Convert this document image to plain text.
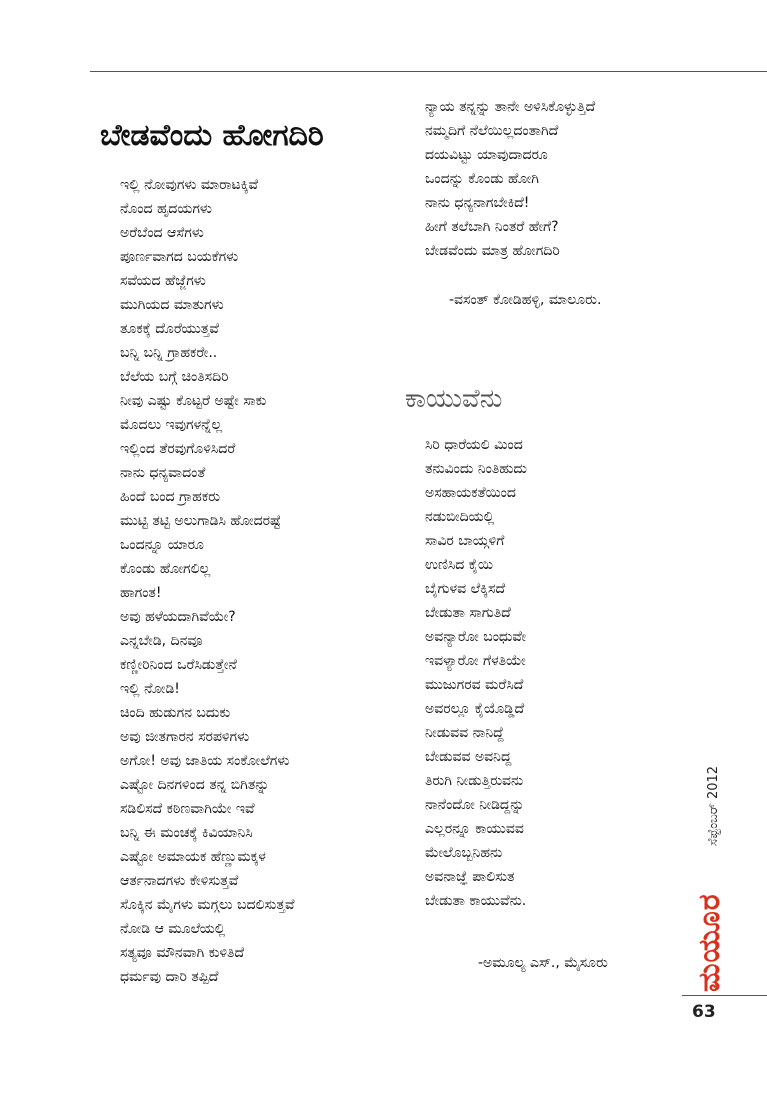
ಬೇಡವೆಂದು ಹೋಗದಿರಿ
ಇಲ್ಲಿ ನೋವುಗಳು ಮಾರಾಟಕ್ಕಿವೆ
ನೊಂದ ಹೃದಯಗಳು
ಅರೆಬೆಂದ ಆಸೆಗಳು
ಪೂರ್ಣವಾಗದ ಬಯಕೆಗಳು
ಸವೆಯದ ಹೆಜ್ಜೆಗಳು
ಮುಗಿಯದ ಮಾತುಗಳು
ತೂಕಕ್ಕೆ ದೊರೆಯುತ್ತವೆ
ಬನ್ನಿ ಬನ್ನಿ ಗ್ರಾಹಕರೇ..
ಬೆಲೆಯ ಬಗ್ಗೆ ಚಿಂತಿಸದಿರಿ
ನೀವು ಎಷ್ಟು ಕೊಟ್ಟರೆ ಅಷ್ಟೇ ಸಾಕು
ಮೊದಲು ಇವುಗಳನ್ನೆಲ್ಲ
ಇಲ್ಲಿಂದ ತೆರವುಗೊಳಿಸಿದರೆ
ನಾನು ಧನ್ಯವಾದಂತೆ
ಹಿಂದೆ ಬಂದ ಗ್ರಾಹಕರು
ಮುಟ್ಟಿ ತಟ್ಟಿ ಅಲುಗಾಡಿಸಿ ಹೋದರಷ್ಟೆ
ಒಂದನ್ನೂ ಯಾರೂ
ಕೊಂಡು ಹೋಗಲಿಲ್ಲ
ಹಾಗಂತ!
ಅವು ಹಳೆಯದಾಗಿವೆಯೇ?
ಎನ್ನಬೇಡಿ, ದಿನವೂ
ಕಣ್ಣೀರಿನಿಂದ ಒರೆಸಿಡುತ್ತೇನೆ
ಇಲ್ಲಿ ನೋಡಿ!
ಚಿಂದಿ ಹುಡುಗನ ಬದುಕು
ಅವು ಜೀತಗಾರನ ಸರಪಳಿಗಳು
ಅಗೋ! ಅವು ಜಾತಿಯ ಸಂಕೋಲೆಗಳು
ಎಷ್ಟೋ ದಿನಗಳಿಂದ ತನ್ನ ಬಿಗಿತನ್ನು
ಸಡಿಲಿಸದೆ ಕಠಿಣವಾಗಿಯೇ ಇವೆ
ಬನ್ನಿ ಈ ಮಂಚಕ್ಕೆ ಕಿವಿಯಾನಿಸಿ
ಎಷ್ಟೋ ಅಮಾಯಕ ಹೆಣ್ಣುಮಕ್ಕಳ
ಆರ್ತನಾದಗಳು ಕೇಳಿಸುತ್ತವೆ
ಸೊಕ್ಕಿನ ಮೈಗಳು ಮಗ್ಗಲು ಬದಲಿಸುತ್ತವೆ
ನೋಡಿ ಆ ಮೂಲೆಯಲ್ಲಿ
ಸತ್ಯವೂ ಮೌನವಾಗಿ ಕುಳಿತಿದೆ
ಧರ್ಮವು ದಾರಿ ತಪ್ಪಿದೆ
ನ್ಯಾಯ ತನ್ನನ್ನು ತಾನೇ ಅಳಿಸಿಕೊಳ್ಳುತ್ತಿದೆ
ನಮ್ಮದಿಗೆ ನೆಲೆಯಿಲ್ಲದಂತಾಗಿದೆ
ದಯವಿಟ್ಟು ಯಾವುದಾದರೂ
ಒಂದನ್ನು ಕೊಂಡು ಹೋಗಿ
ನಾನು ಧನ್ಯನಾಗಬೇಕಿದೆ!
ಹೀಗೆ ತಲೆಬಾಗಿ ನಿಂತರೆ ಹೇಗೆ?
ಬೇಡವೆಂದು ಮಾತ್ರ ಹೋಗದಿರಿ
-ವಸಂತ್ ಕೋಡಿಹಳ್ಳಿ, ಮಾಲೂರು.
ಕಾಯುವೆನು
ಸಿರಿ ಧಾರೆಯಲಿ ಮಿಂದ
ತನುವಿಂದು ನಿಂತಿಹುದು
ಅಸಹಾಯಕತೆಯಿಂದ
ನಡುಬೀದಿಯಲ್ಲಿ
ಸಾವಿರ ಬಾಯ್ಗಳಿಗೆ
ಉಣಿಸಿದ ಕೈಯಿ
ಬೈಗುಳವ ಲೆಕ್ಕಿಸದೆ
ಬೇಡುತಾ ಸಾಗುತಿದೆ
ಅವನ್ಯಾರೋ ಬಂಧುವೇ
ಇವಳ್ಯಾರೋ ಗೆಳತಿಯೇ
ಮುಜುಗರವ ಮರೆಸಿದೆ
ಅವರಲ್ಲೂ ಕೈಯೊಡ್ಡಿದೆ
ನೀಡುವವ ನಾನಿದ್ದೆ
ಬೇಡುವವ ಅವನಿದ್ದ
ತಿರುಗಿ ನೀಡುತ್ತಿರುವನು
ನಾನೆಂದೋ ನೀಡಿದ್ದನ್ನು
ಎಲ್ಲರನ್ನೂ ಕಾಯುವವ
ಮೇಲೊಬ್ಬನಿಹನು
ಅವನಾಜ್ಞೆ ಪಾಲಿಸುತ
ಬೇಡುತಾ ಕಾಯುವೆನು.
-ಅಮೂಲ್ಯ ಎಸ್., ಮೈಸೂರು	ಮಯೂರ
ಸೆಪ್ಟೆಂಬರ್ 2012
63
